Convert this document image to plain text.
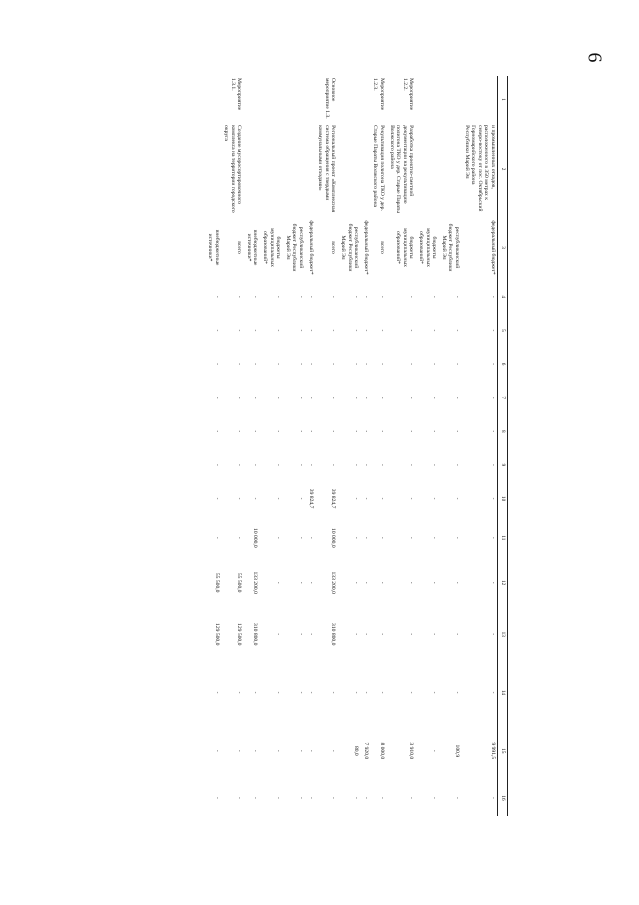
6
1	2	3	4	5	6	7	8	9	10	11	12	13	14	15	16
	и промышленных отходов, расположенного в 350 метрах к северо-востоку от пос. Октябрьский Горномарийского района Республики Марий Эл	федеральный бюджет*	-	-	-	-	-	-	-	-	-	-	-	9 991,5	-
		республиканский бюджет Республики Марий Эл	-	-	-	-	-	-	-	-	-	-	-	100,9	-
		бюджеты муниципальных образований*	-	-	-	-	-	-	-	-	-	-	-	-	-
Мероприятие 1.2.2.	Разработка проектно-сметной документации на рекультивацию полигона ТКО у дер. Старые Параты Волжского района	бюджеты муниципальных образований*	-	-	-	-	-	-	-	-	-	-	-	3 910,0	-
Мероприятие 1.2.3.	Рекультивация полигона ТКО у дер. Старые Параты Волжского района	всего	-	-	-	-	-	-	-	-	-	-	-	8 000,0	-
		федеральный бюджет*	-	-	-	-	-	-	-	-	-	-	-	7 920,0	-
		республиканский бюджет Республики Марий Эл	-	-	-	-	-	-	-	-	-	-	-	80,0	-
Основное мероприятие 1.3.	Региональный проект «Комплексная система обращения с твердыми коммунальными отходами»	всего	-	-	-	-	-	-	39 824,7	10 000,0	133 200,0	310 800,0	-	-	-
		федеральный бюджет*	-	-	-	-	-	-	39 824,7	-	-	-	-	-	-
		республиканский бюджет Республики Марий Эл	-	-	-	-	-	-	-	-	-	-	-	-	-
		бюджеты муниципальных образований*	-	-	-	-	-	-	-	-	-	-	-	-	-
		внебюджетные источники*	-	-	-	-	-	-	-	10 000,0	133 200,0	310 800,0	-	-	-
Мероприятие 1.3.1.	Создание мусоросортировочного комплекса на территории городского округа	всего	-	-	-	-	-	-	-	-	55 500,0	129 500,0	-	-	-
		внебюджетные источники*	-	-	-	-	-	-	-	-	55 500,0	129 500,0	-	-	-
